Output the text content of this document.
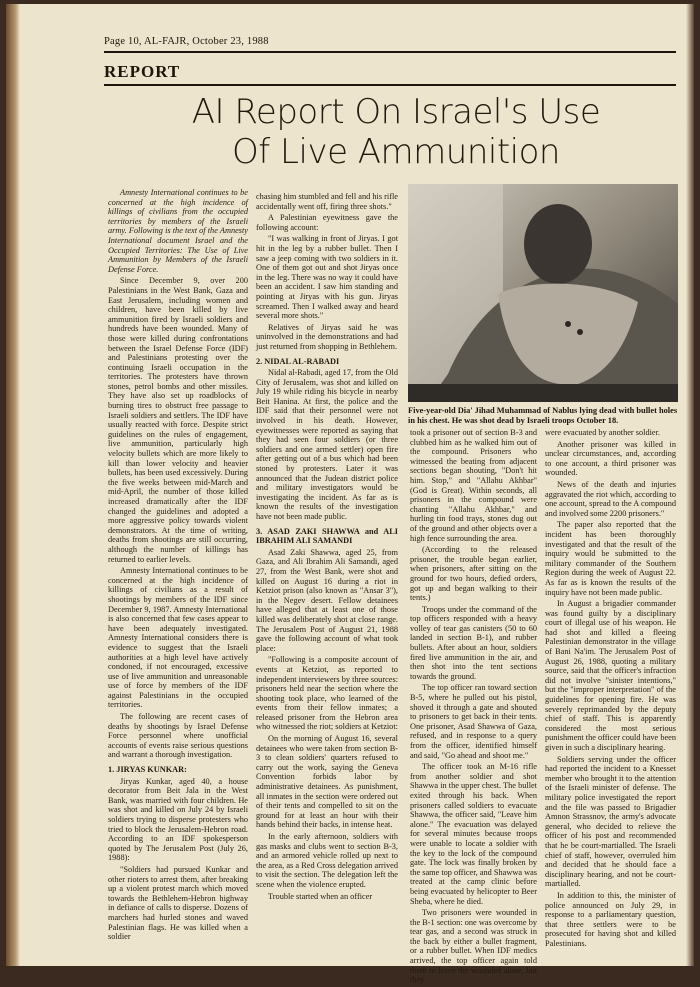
Page 10, AL-FAJR, October 23, 1988
REPORT
AI Report On Israel's Use
Of Live Ammunition

Amnesty International continues to be concerned at the high incidence of killings of civilians from the occupied territories by members of the Israeli army. Following is the text of the Amnesty International document Israel and the Occupied Territories: The Use of Live Ammunition by Members of the Israeli Defense Force.

Since December 9, over 200 Palestinians in the West Bank, Gaza and East Jerusalem, including women and children, have been killed by live ammunition fired by Israeli soldiers and hundreds have been wounded. Many of those were killed during confrontations between the Israel Defense Force (IDF) and Palestinians protesting over the continuing Israeli occupation in the territories. The protesters have thrown stones, petrol bombs and other missiles. They have also set up roadblocks of burning tires to obstruct free passage to Israeli soldiers and settlers. The IDF have usually reacted with force. Despite strict guidelines on the rules of engagement, live ammunition, particularly high velocity bullets which are more likely to kill than lower velocity and heavier bullets, has been used excessively. During the five weeks between mid-March and mid-April, the number of those killed increased dramatically after the IDF changed the guidelines and adopted a more aggressive policy towards violent demonstrators. At the time of writing, deaths from shootings are still occurring, although the number of killings has returned to earlier levels.

Amnesty International continues to be concerned at the high incidence of killings of civilians as a result of shootings by members of the IDF since December 9, 1987. Amnesty International is also concerned that few cases appear to have been adequately investigated. Amnesty International considers there is evidence to suggest that the Israeli authorities at a high level have actively condoned, if not encouraged, excessive use of live ammunition and unreasonable use of force by members of the IDF against Palestinians in the occupied territories.

The following are recent cases of deaths by shootings by Israel Defense Force personnel where unofficial accounts of events raise serious questions and warrant a thorough investigation.

1. JIRYAS KUNKAR:

Jiryas Kunkar, aged 40, a house decorator from Beit Jala in the West Bank, was married with four children. He was shot and killed on July 24 by Israeli soldiers trying to disperse protesters who tried to block the Jerusalem-Hebron road. According to an IDF spokesperson quoted by The Jerusalem Post (July 26, 1988):

"Soldiers had pursued Kunkar and other rioters to arrest them, after breaking up a violent protest march which moved towards the Bethlehem-Hebron highway in defiance of calls to disperse. Dozens of marchers had hurled stones and waved Palestinian flags. He was killed when a soldier

chasing him stumbled and fell and his rifle accidentally went off, firing three shots."

A Palestinian eyewitness gave the following account:

"I was walking in front of Jiryas. I got hit in the leg by a rubber bullet. Then I saw a jeep coming with two soldiers in it. One of them got out and shot Jiryas once in the leg. There was no way it could have been an accident. I saw him standing and pointing at Jiryas with his gun. Jiryas screamed. Then I walked away and heard several more shots."

Relatives of Jiryas said he was uninvolved in the demonstrations and had just returned from shopping in Bethlehem.

2. NIDAL AL-RABADI

Nidal al-Rabadi, aged 17, from the Old City of Jerusalem, was shot and killed on July 19 while riding his bicycle in nearby Beit Hanina. At first, the police and the IDF said that their personnel were not involved in his death. However, eyewitnesses were reported as saying that they had seen four soldiers (or three soldiers and one armed settler) open fire after getting out of a bus which had been stoned by protesters. Later it was announced that the Judean district police and military investigators would be investigating the incident. As far as is known the results of the investigation have not been made public.

3. ASAD ZAKI SHAWWA and ALI IBRAHIM ALI SAMANDI

Asad Zaki Shawwa, aged 25, from Gaza, and Ali Ibrahim Ali Samandi, aged 27, from the West Bank, were shot and killed on August 16 during a riot in Ketziot prison (also known as "Ansar 3"), in the Negev desert. Fellow detainees have alleged that at least one of those killed was deliberately shot at close range. The Jerusalem Post of August 21, 1988 gave the following account of what took place:

"Following is a composite account of events at Ketziot, as reported to independent interviewers by three sources: prisoners held near the section where the shooting took place, who learned of the events from their fellow inmates; a released prisoner from the Hebron area who witnessed the riot; soldiers at Ketziot:

On the morning of August 16, several detainees who were taken from section B-3 to clean soldiers' quarters refused to carry out the work, saying the Geneva Convention forbids labor by administrative detainees. As punishment, all inmates in the section were ordered out of their tents and compelled to sit on the ground for at least an hour with their hands behind their backs, in intense heat.

In the early afternoon, soldiers with gas masks and clubs went to section B-3, and an armored vehicle rolled up next to the area, as a Red Cross delegation arrived to visit the section. The delegation left the scene when the violence erupted.

Trouble started when an officer

Five-year-old Dia' Jihad Muhammad of Nablus lying dead with bullet holes in his chest. He was shot dead by Israeli troops October 18.

took a prisoner out of section B-3 and clubbed him as he walked him out of the compound. Prisoners who witnessed the beating from adjacent sections began shouting, "Don't hit him. Stop," and "Allahu Akhbar" (God is Great). Within seconds, all prisoners in the compound were chanting "Allahu Akhbar," and hurling tin food trays, stones dug out of the ground and other objects over a high fence surrounding the area.

(According to the released prisoner, the trouble began earlier, when prisoners, after sitting on the ground for two hours, defied orders, got up and began walking to their tents.)

Troops under the command of the top officers responded with a heavy volley of tear gas canisters (50 to 60 landed in section B-1), and rubber bullets. After about an hour, soldiers fired live ammunition in the air, and then shot into the tent sections towards the ground.

The top officer ran toward section B-5, where he pulled out his pistol, shoved it through a gate and shouted to prisoners to get back in their tents. One prisoner, Asad Shawwa of Gaza, refused, and in response to a query from the officer, identified himself and said, "Go ahead and shoot me."

The officer took an M-16 rifle from another soldier and shot Shawwa in the upper chest. The bullet exited through his back. When prisoners called soldiers to evacuate Shawwa, the officer said, "Leave him alone." The evacuation was delayed for several minutes because troops were unable to locate a soldier with the key to the lock of the compound gate. The lock was finally broken by the same top officer, and Shawwa was treated at the camp clinic before being evacuated by helicopter to Beer Sheba, where he died.

Two prisoners were wounded in the B-1 section: one was overcome by tear gas, and a second was struck in the back by either a bullet fragment, or a rubber bullet. When IDF medics arrived, the top officer again told them to leave the wounded alone, but they

were evacuated by another soldier.

Another prisoner was killed in unclear circumstances, and, according to one account, a third prisoner was wounded.

News of the death and injuries aggravated the riot which, according to one account, spread to the A compound and involved some 2200 prisoners."

The paper also reported that the incident has been thoroughly investigated and that the result of the inquiry would be submitted to the military commander of the Southern Region during the week of August 22. As far as is known the results of the inquiry have not been made public.

In August a brigadier commander was found guilty by a disciplinary court of illegal use of his weapon. He had shot and killed a fleeing Palestinian demonstrator in the village of Bani Na'im. The Jerusalem Post of August 26, 1988, quoting a military source, said that the officer's infraction did not involve "sinister intentions," but the "improper interpretation" of the guidelines for opening fire. He was severely reprimanded by the deputy chief of staff. This is apparently considered the most serious punishment the officer could have been given in such a disciplinary hearing.

Soldiers serving under the officer had reported the incident to a Knesset member who brought it to the attention of the Israeli minister of defense. The military police investigated the report and the file was passed to Brigadier Amnon Strassnov, the army's advocate general, who decided to relieve the officer of his post and recommended that he be court-martialled. The Israeli chief of staff, however, overruled him and decided that he should face a disciplinary hearing, and not be court-martialled.

In addition to this, the minister of police announced on July 29, in response to a parliamentary question, that three settlers were to be prosecuted for having shot and killed Palestinians.
